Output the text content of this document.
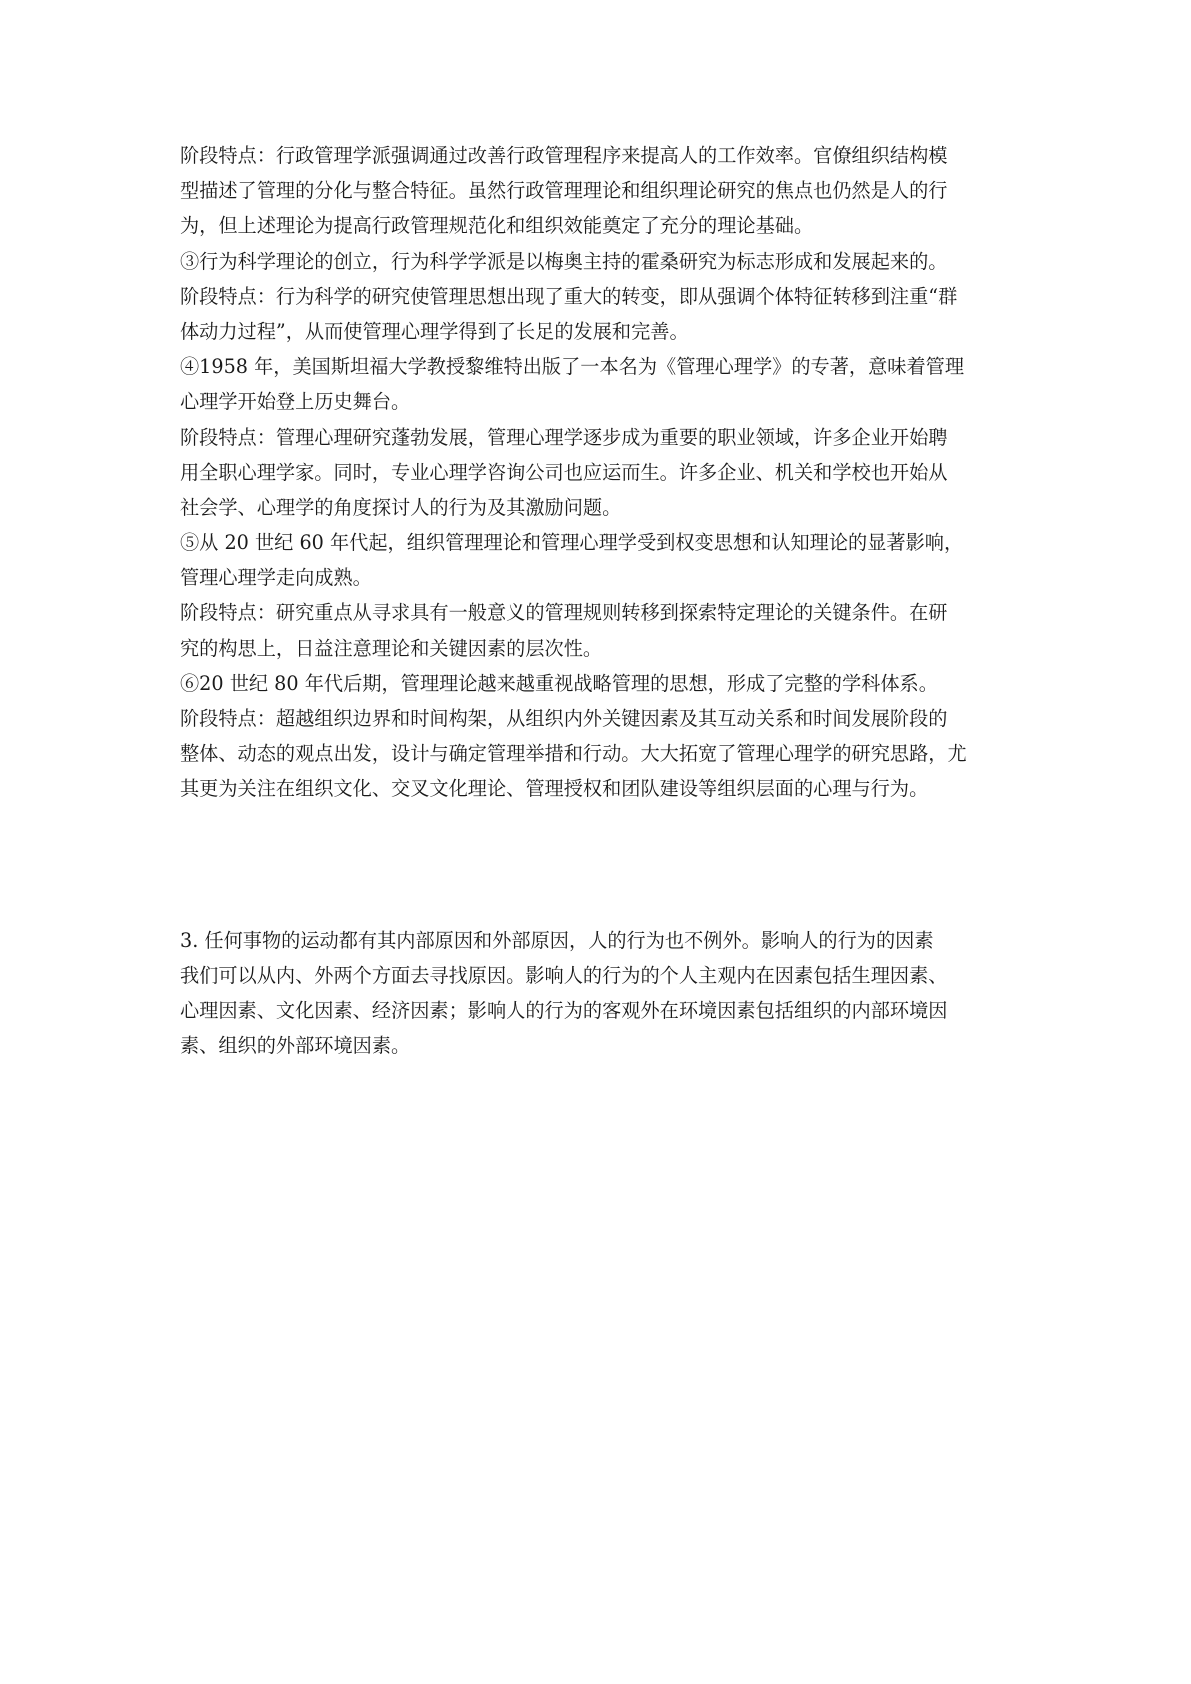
阶段特点：行政管理学派强调通过改善行政管理程序来提高人的工作效率。官僚组织结构模
型描述了管理的分化与整合特征。虽然行政管理理论和组织理论研究的焦点也仍然是人的行
为，但上述理论为提高行政管理规范化和组织效能奠定了充分的理论基础。
③行为科学理论的创立，行为科学学派是以梅奥主持的霍桑研究为标志形成和发展起来的。
阶段特点：行为科学的研究使管理思想出现了重大的转变，即从强调个体特征转移到注重“群
体动力过程”，从而使管理心理学得到了长足的发展和完善。
④1958 年，美国斯坦福大学教授黎维特出版了一本名为《管理心理学》的专著，意味着管理
心理学开始登上历史舞台。
阶段特点：管理心理研究蓬勃发展，管理心理学逐步成为重要的职业领域，许多企业开始聘
用全职心理学家。同时，专业心理学咨询公司也应运而生。许多企业、机关和学校也开始从
社会学、心理学的角度探讨人的行为及其激励问题。
⑤从 20 世纪 60 年代起，组织管理理论和管理心理学受到权变思想和认知理论的显著影响，
管理心理学走向成熟。
阶段特点：研究重点从寻求具有一般意义的管理规则转移到探索特定理论的关键条件。在研
究的构思上，日益注意理论和关键因素的层次性。
⑥20 世纪 80 年代后期，管理理论越来越重视战略管理的思想，形成了完整的学科体系。
阶段特点：超越组织边界和时间构架，从组织内外关键因素及其互动关系和时间发展阶段的
整体、动态的观点出发，设计与确定管理举措和行动。大大拓宽了管理心理学的研究思路，尤
其更为关注在组织文化、交叉文化理论、管理授权和团队建设等组织层面的心理与行为。
3. 任何事物的运动都有其内部原因和外部原因，人的行为也不例外。影响人的行为的因素
我们可以从内、外两个方面去寻找原因。影响人的行为的个人主观内在因素包括生理因素、
心理因素、文化因素、经济因素；影响人的行为的客观外在环境因素包括组织的内部环境因
素、组织的外部环境因素。
